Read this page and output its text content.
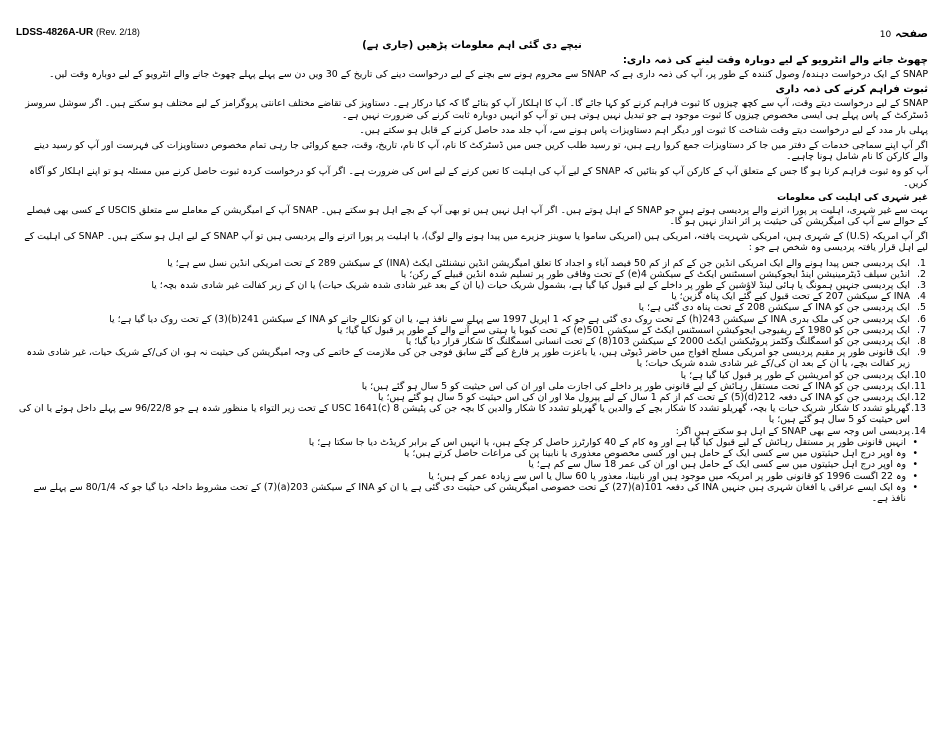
LDSS-4826A-UR (Rev. 2/18)	صفحہ 10
نیچے دی گئی اہم معلومات پڑھیں (جاری ہے)
چھوٹ جانے والے انٹرویو کے لیے دوبارہ وقت لینے کی ذمہ داری:

SNAP کے ایک درخواست دہندہ/ وصول کنندہ کے طور پر، آپ کی ذمہ داری ہے کہ SNAP سے محروم ہونے سے بچنے کے لیے درخواست دینے کی تاریخ کے 30 ویں دن سے پہلے پہلے چھوٹ جانے والے انٹرویو کے لیے دوبارہ وقت لیں۔

ثبوت فراہم کرنے کی ذمہ داری

SNAP کے لیے درخواست دیتے وقت، آپ سے کچھ چیزوں کا ثبوت فراہم کرنے کو کہا جائے گا۔ آپ کا اہلکار آپ کو بتائے گا کہ کیا درکار ہے۔ دستاویز کی تقاضے مختلف اعانتی پروگرامز کے لیے مختلف ہو سکتے ہیں۔ اگر سوشل سروسز ڈسٹرکٹ کے پاس پہلے ہی ایسی مخصوص چیزوں کا ثبوت موجود ہے جو تبدیل نہیں ہوتی ہیں تو آپ کو انہیں دوبارہ ثابت کرنے کی ضرورت نہیں ہے۔

پہلی بار مدد کے لیے درخواست دیتے وقت شناخت کا ثبوت اور دیگر اہم دستاویزات پاس ہونے سے، آپ جلد مدد حاصل کرنے کے قابل ہو سکتے ہیں۔

اگر آپ اپنے سماجی خدمات کے دفتر میں جا کر دستاویزات جمع کروا رہے ہیں، تو رسید طلب کریں جس میں ڈسٹرکٹ کا نام، آپ کا نام، تاریخ، وقت، جمع کروائی جا رہی تمام مخصوص دستاویزات کی فہرست اور آپ کو رسید دینے والے کارکن کا نام شامل ہونا چاہیے۔

آپ کو وہ ثبوت فراہم کرنا ہو گا جس کے متعلق آپ کے کارکن آپ کو بتائیں کہ SNAP کے لیے آپ کی اہلیت کا تعین کرنے کے لیے اس کی ضرورت ہے۔ اگر آپ کو درخواست کردہ ثبوت حاصل کرنے میں مسئلہ ہو تو اپنے اہلکار کو آگاہ کریں۔

غیر شہری کی اہلیت کی معلومات

بہت سے غیر شہری، اہلیت پر پورا اترنے والے پردیسی ہوتے ہیں جو SNAP کے اہل ہوتے ہیں۔ اگر آپ اہل نہیں ہیں تو بھی آپ کے بچے اہل ہو سکتے ہیں۔ SNAP آپ کے امیگریشن کے معاملے سے متعلق USCIS کے کسی بھی فیصلے کے حوالے سے آپ کی امیگریشن کی حیثیت پر اثر انداز نہیں ہو گا۔

اگر آپ امریکہ (U.S) کے شہری ہیں، امریکی شہریت یافتہ، امریکی ہیں (امریکی ساموا یا سوینز جزیرے میں پیدا ہونے والے لوگ)، یا اہلیت پر پورا اترنے والے پردیسی ہیں تو آپ SNAP کے لیے اہل ہو سکتے ہیں۔ SNAP کی اہلیت کے لیے اہل قرار یافتہ پردیسی وہ شخص ہے جو :

1.
ایک پردیسی جس پیدا ہونے والے ایک امریکی انڈین جن کے کم از کم 50 فیصد آباء و اجداد کا تعلق امیگریشن انڈین نیشنلٹی ایکٹ (INA) کے سیکشن 289 کے تحت امریکی انڈین نسل سے ہے؛ یا
2.
انڈین سیلف ڈیٹرمینیشن اینڈ ایجوکیشن اسسٹنس ایکٹ کے سیکشن 4(e) کے تحت وفاقی طور پر تسلیم شدہ انڈین قبیلے کے رکن؛ یا
3.
ایک پردیسی جنہیں ہمونگ یا ہائی لینڈ لاؤشین کے طور پر داخلے کے لیے قبول کیا گیا ہے، بشمول شریک حیات (یا ان کے بعد غیر شادی شدہ شریک حیات) یا ان کے زیر کفالت غیر شادی شدہ بچہ؛ یا
4.
INA کے سیکشن 207 کے تحت قبول کیے گئے ایک پناہ گزین؛ یا
5.
ایک پردیسی جن کو INA کے سیکشن 208 کے تحت پناہ دی گئی ہے؛ یا
6.
ایک پردیسی جن کی ملک بدری INA کے سیکشن 243(h) کے تحت روک دی گئی ہے جو کہ 1 اپریل 1997 سے پہلے سے نافذ ہے، یا ان کو نکالے جانے کو INA کے سیکشن 241(b)(3) کے تحت روک دیا گیا ہے؛ یا
7.
ایک پردیسی جن کو 1980 کے ریفیوجی ایجوکیشن اسسٹنس ایکٹ کے سیکشن 501(e) کے تحت کیوبا یا ہیتی سے آنے والے کے طور پر قبول کیا گیا؛ یا
8.
ایک پردیسی جن کو اسمگلنگ وکٹمز پروٹیکشن ایکٹ 2000 کے سیکشن 103(8) کے تحت انسانی اسمگلنگ کا شکار قرار دیا گیا؛ یا
9.
ایک قانونی طور پر مقیم پردیسی جو امریکی مسلح افواج میں حاضر ڈیوٹی ہیں، یا باعزت طور پر فارغ کیے گئے سابق فوجی جن کی ملازمت کے خاتمے کی وجہ امیگریشن کی حیثیت نہ ہو، ان کی/کے شریک حیات، غیر شادی شدہ زیر کفالت بچے، یا ان کے بعد ان کی/کے غیر شادی شدہ شریک حیات؛ یا
10.
ایک پردیسی جن کو امریشین کے طور پر قبول کیا گیا ہے؛ یا
11.
ایک پردیسی جن کو INA کے تحت مستقل رہائش کے لیے قانونی طور پر داخلے کی اجازت ملی اور ان کی اس حیثیت کو 5 سال ہو گئے ہیں؛ یا
12.
ایک پردیسی جن کو INA کی دفعہ 212(d)(5) کے تحت کم از کم 1 سال کے لیے پیرول ملا اور ان کی اس حیثیت کو 5 سال ہو گئے ہیں؛ یا
13.
گھریلو تشدد کا شکار شریک حیات یا بچہ، گھریلو تشدد کا شکار بچے کے والدین یا گھریلو تشدد کا شکار والدین کا بچہ جن کی پٹیشن 8 USC 1641(c) کے تحت زیر التواء یا منظور شدہ ہے جو 96/22/8 سے پہلے داخل ہوئے یا ان کی اس حیثیت کو 5 سال ہو گئے ہیں؛ یا
14.
پردیسی اس وجہ سے بھی SNAP کے اہل ہو سکتے ہیں اگر:
• انہیں قانونی طور پر مستقل رہائش کے لیے قبول کیا گیا ہے اور وہ کام کے 40 کوارٹرز حاصل کر چکے ہیں، یا انہیں اس کے برابر کریڈٹ دیا جا سکتا ہے؛ یا
• وہ اوپر درج اہل حیثیتوں میں سے کسی ایک کے حامل ہیں اور کسی مخصوص معذوری یا نابینا پن کی مراعات حاصل کرتے ہیں؛ یا
• وہ اوپر درج اہل حیثیتوں میں سے کسی ایک کے حامل ہیں اور ان کی عمر 18 سال سے کم ہے؛ یا
• وہ 22 اگست 1996 کو قانونی طور پر امریکہ میں موجود ہیں اور نابینا، معذور یا 60 سال یا اس سے زیادہ عمر کے ہیں؛ یا
• وہ ایک ایسے عراقی یا افغان شہری ہیں جنہیں INA کی دفعہ 101(a)(27) کے تحت خصوصی امیگریشن کی حیثیت دی گئی ہے یا ان کو INA کے سیکشن 203(a)(7) کے تحت مشروط داخلہ دیا گیا جو کہ 80/1/4 سے پہلے سے نافذ ہے۔
